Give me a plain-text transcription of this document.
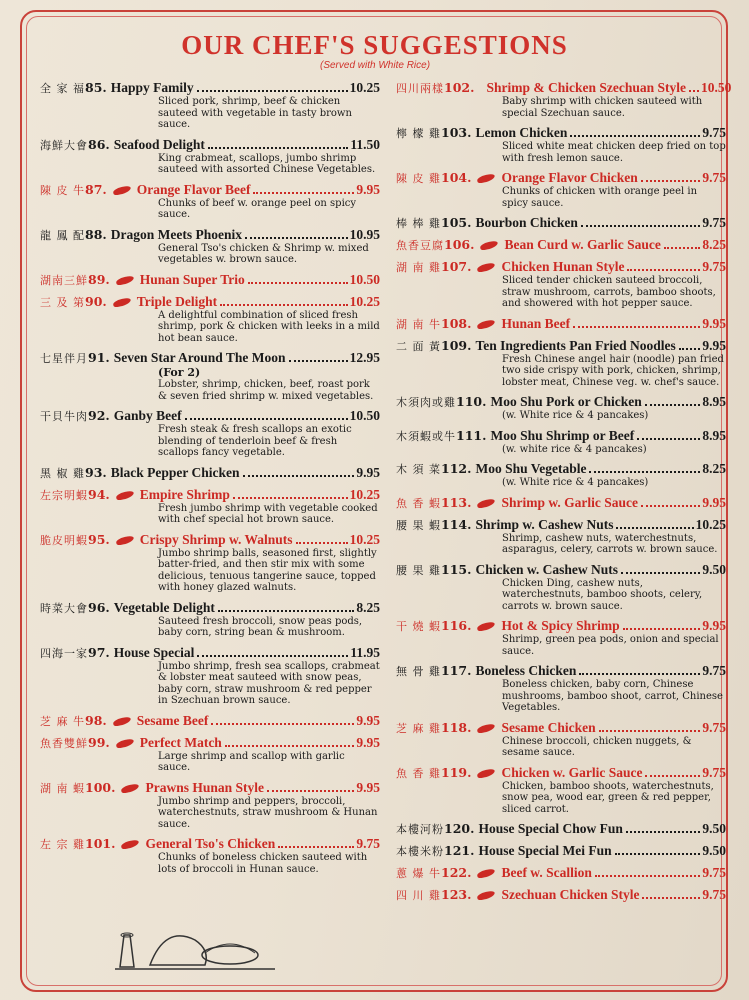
OUR CHEF'S SUGGESTIONS
(Served with White Rice)
全 家 福 85. Happy Family	10.25
Sliced pork, shrimp, beef & chicken sauteed with vegetable in tasty brown sauce.
海鮮大會 86. Seafood Delight	11.50
King crabmeat, scallops, jumbo shrimp sauteed with assorted Chinese Vegetables.
陳 皮 牛 87. Orange Flavor Beef	9.95
Chunks of beef w. orange peel on spicy sauce.
龍 鳳 配 88. Dragon Meets Phoenix	10.95
General Tso's chicken & Shrimp w. mixed vegetables w. brown sauce.
湖南三鮮 89. Hunan Super Trio	10.50
三 及 第 90. Triple Delight	10.25
A delightful combination of sliced fresh shrimp, pork & chicken with leeks in a mild hot bean sauce.
七星伴月 91. Seven Star Around The Moon	12.95
(For 2)
Lobster, shrimp, chicken, beef, roast pork & seven fried shrimp w. mixed vegetables.
干貝牛肉 92. Ganby Beef	10.50
Fresh steak & fresh scallops an exotic blending of tenderloin beef & fresh scallops fancy vegetable.
黑 椒 雞 93. Black Pepper Chicken	9.95
左宗明蝦 94. Empire Shrimp	10.25
Fresh jumbo shrimp with vegetable cooked with chef special hot brown sauce.
脆皮明蝦 95. Crispy Shrimp w. Walnuts	10.25
Jumbo shrimp balls, seasoned first, slightly batter-fried, and then stir mix with some delicious, tenuous tangerine sauce, topped with honey glazed walnuts.
時菜大會 96. Vegetable Delight	8.25
Sauteed fresh broccoli, snow peas pods, baby corn, string bean & mushroom.
四海一家 97. House Special	11.95
Jumbo shrimp, fresh sea scallops, crabmeat & lobster meat sauteed with snow peas, baby corn, straw mushroom & red pepper in Szechuan brown sauce.
芝 麻 牛 98. Sesame Beef	9.95
魚香雙鮮 99. Perfect Match	9.95
Large shrimp and scallop with garlic sauce.
湖 南 蝦 100. Prawns Hunan Style	9.95
Jumbo shrimp and peppers, broccoli, waterchestnuts, straw mushroom & Hunan sauce.
左 宗 雞 101. General Tso's Chicken	9.75
Chunks of boneless chicken sauteed with lots of broccoli in Hunan sauce.
四川兩樣 102. Shrimp & Chicken Szechuan Style 10.50
Baby shrimp with chicken sauteed with special Szechuan sauce.
檸 檬 雞 103. Lemon Chicken	9.75
Sliced white meat chicken deep fried on top with fresh lemon sauce.
陳 皮 雞 104. Orange Flavor Chicken	9.75
Chunks of chicken with orange peel in spicy sauce.
棒 棒 雞 105. Bourbon Chicken	9.75
魚香豆腐 106. Bean Curd w. Garlic Sauce	8.25
湖 南 雞 107. Chicken Hunan Style	9.75
Sliced tender chicken sauteed broccoli, straw mushroom, carrots, bamboo shoots, and showered with hot pepper sauce.
湖 南 牛 108. Hunan Beef	9.95
二 面 黃 109. Ten Ingredients Pan Fried Noodles 9.95
Fresh Chinese angel hair (noodle) pan fried two side crispy with pork, chicken, shrimp, lobster meat, Chinese veg. w. chef's sauce.
木須肉或雞 110. Moo Shu Pork or Chicken	8.95
(w. White rice & 4 pancakes)
木須蝦或牛 111. Moo Shu Shrimp or Beef	8.95
(w. white rice & 4 pancakes)
木 須 菜 112. Moo Shu Vegetable	8.25
(w. White rice & 4 pancakes)
魚 香 蝦 113. Shrimp w. Garlic Sauce	9.95
腰 果 蝦 114. Shrimp w. Cashew Nuts	10.25
Shrimp, cashew nuts, waterchestnuts, asparagus, celery, carrots w. brown sauce.
腰 果 雞 115. Chicken w. Cashew Nuts	9.50
Chicken Ding, cashew nuts, waterchestnuts, bamboo shoots, celery, carrots w. brown sauce.
干 燒 蝦 116. Hot & Spicy Shrimp	9.95
Shrimp, green pea pods, onion and special sauce.
無 骨 雞 117. Boneless Chicken	9.75
Boneless chicken, baby corn, Chinese mushrooms, bamboo shoot, carrot, Chinese Vegetables.
芝 麻 雞 118. Sesame Chicken	9.75
Chinese broccoli, chicken nuggets, & sesame sauce.
魚 香 雞 119. Chicken w. Garlic Sauce	9.75
Chicken, bamboo shoots, waterchestnuts, snow pea, wood ear, green & red pepper, sliced carrot.
本樓河粉 120. House Special Chow Fun	9.50
本樓米粉 121. House Special Mei Fun	9.50
蔥 爆 牛 122. Beef w. Scallion	9.75
四 川 雞 123. Szechuan Chicken Style	9.75
